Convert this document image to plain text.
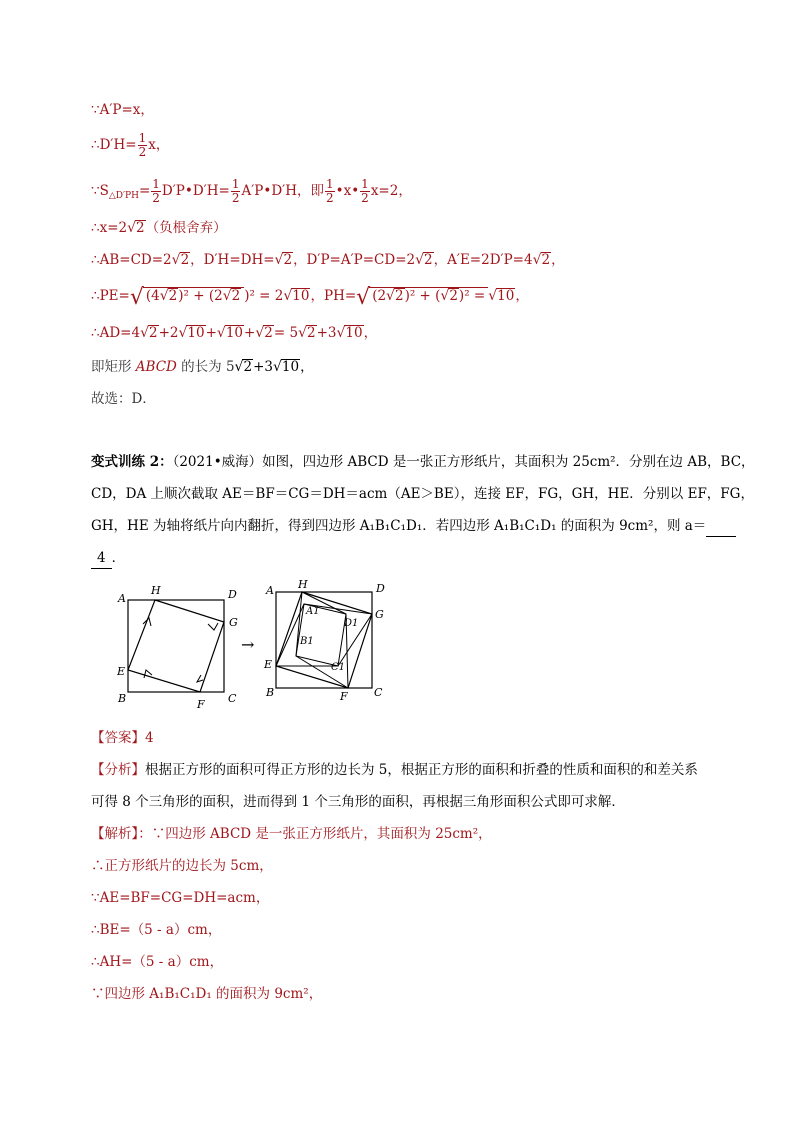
∵A′P=x，
∴D′H= $\frac{1}{2}$ x，
$\because S_{\triangle D'PH}= \frac{1}{2}$ D′P•D′H= $\frac{1}{2}$ A′P•D′H，即 $\frac{1}{2}$ •x• $\frac{1}{2} x=2$，
∴x=2√2（负根舍弃）
∴AB=CD=2√2，D′H=DH=√2，D′P=A′P=CD=2√2，A′E=2D′P=4√2，
∴PE=√ (4√2)² + (2√2 )² = 2√10，PH=√ (2√2)² + (√2)² =√10，
∴AD=4√2+2√10+√10+√2= 5√2+3√10，
即矩形 ABCD 的长为 5√2+3√10，
故选：D．
变式训练 2：（2021•威海）如图，四边形 ABCD 是一张正方形纸片，其面积为 25cm²．分别在边 AB，BC，
CD，DA 上顺次截取 AE＝BF＝CG＝DH＝acm（AE＞BE），连接 EF，FG，GH，HE．分别以 EF，FG，
GH，HE 为轴将纸片向内翻折，得到四边形 A₁B₁C₁D₁．若四边形 A₁B₁C₁D₁ 的面积为 9cm²，则 a＝
4 ．
A
H	D
G
E
B	F C
→
A H	D
G
E
B	F C
A1
B1
C1
D1
【答案】4
【分析】根据正方形的面积可得正方形的边长为 5，根据正方形的面积和折叠的性质和面积的和差关系
可得 8 个三角形的面积，进而得到 1 个三角形的面积，再根据三角形面积公式即可求解．
【解析】：∵四边形 ABCD 是一张正方形纸片，其面积为 25cm²，
∴正方形纸片的边长为 5cm，
∵AE=BF=CG=DH=acm，
∴BE=（5 - a）cm，
∴AH=（5 - a）cm，
∵四边形 A₁B₁C₁D₁ 的面积为 9cm²，
